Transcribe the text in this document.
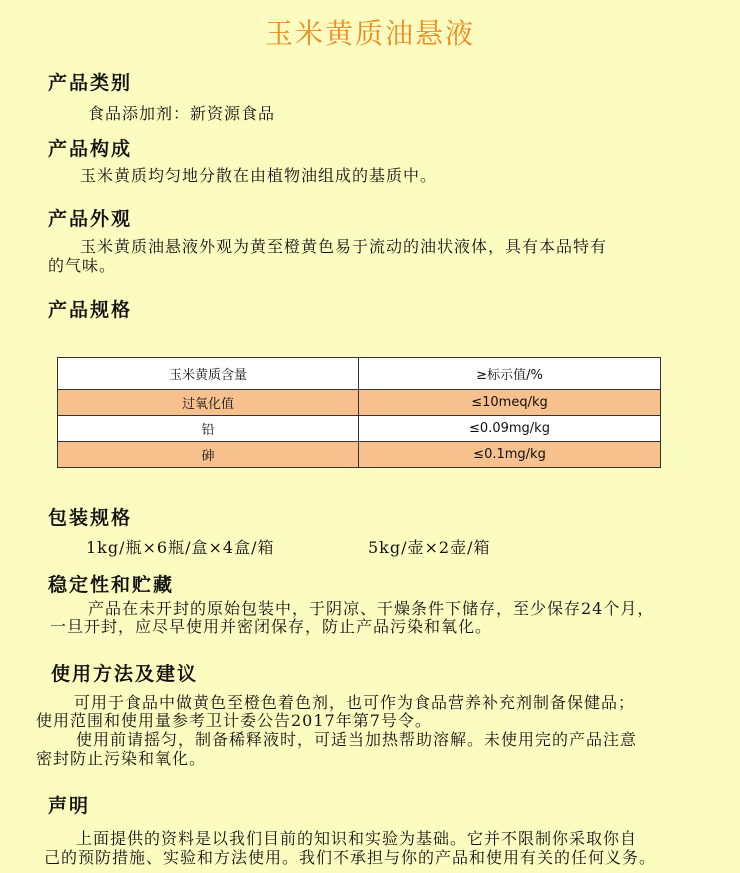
玉米黄质油悬液
产品类别
食品添加剂：新资源食品
产品构成
玉米黄质均匀地分散在由植物油组成的基质中。
产品外观
玉米黄质油悬液外观为黄至橙黄色易于流动的油状液体，具有本品特有
的气味。
产品规格
玉米黄质含量	≥标示值/%
过氧化值	≤10meq/kg
铅	≤0.09mg/kg
砷	≤0.1mg/kg
包装规格
1kg/瓶×6瓶/盒×4盒/箱	5kg/壶×2壶/箱
稳定性和贮藏
产品在未开封的原始包装中，于阴凉、干燥条件下储存，至少保存24个月，
一旦开封，应尽早使用并密闭保存，防止产品污染和氧化。
使用方法及建议
可用于食品中做黄色至橙色着色剂，也可作为食品营养补充剂制备保健品；
使用范围和使用量参考卫计委公告2017年第7号令。
使用前请摇匀，制备稀释液时，可适当加热帮助溶解。未使用完的产品注意
密封防止污染和氧化。
声明
上面提供的资料是以我们目前的知识和实验为基础。它并不限制你采取你自
己的预防措施、实验和方法使用。我们不承担与你的产品和使用有关的任何义务。
